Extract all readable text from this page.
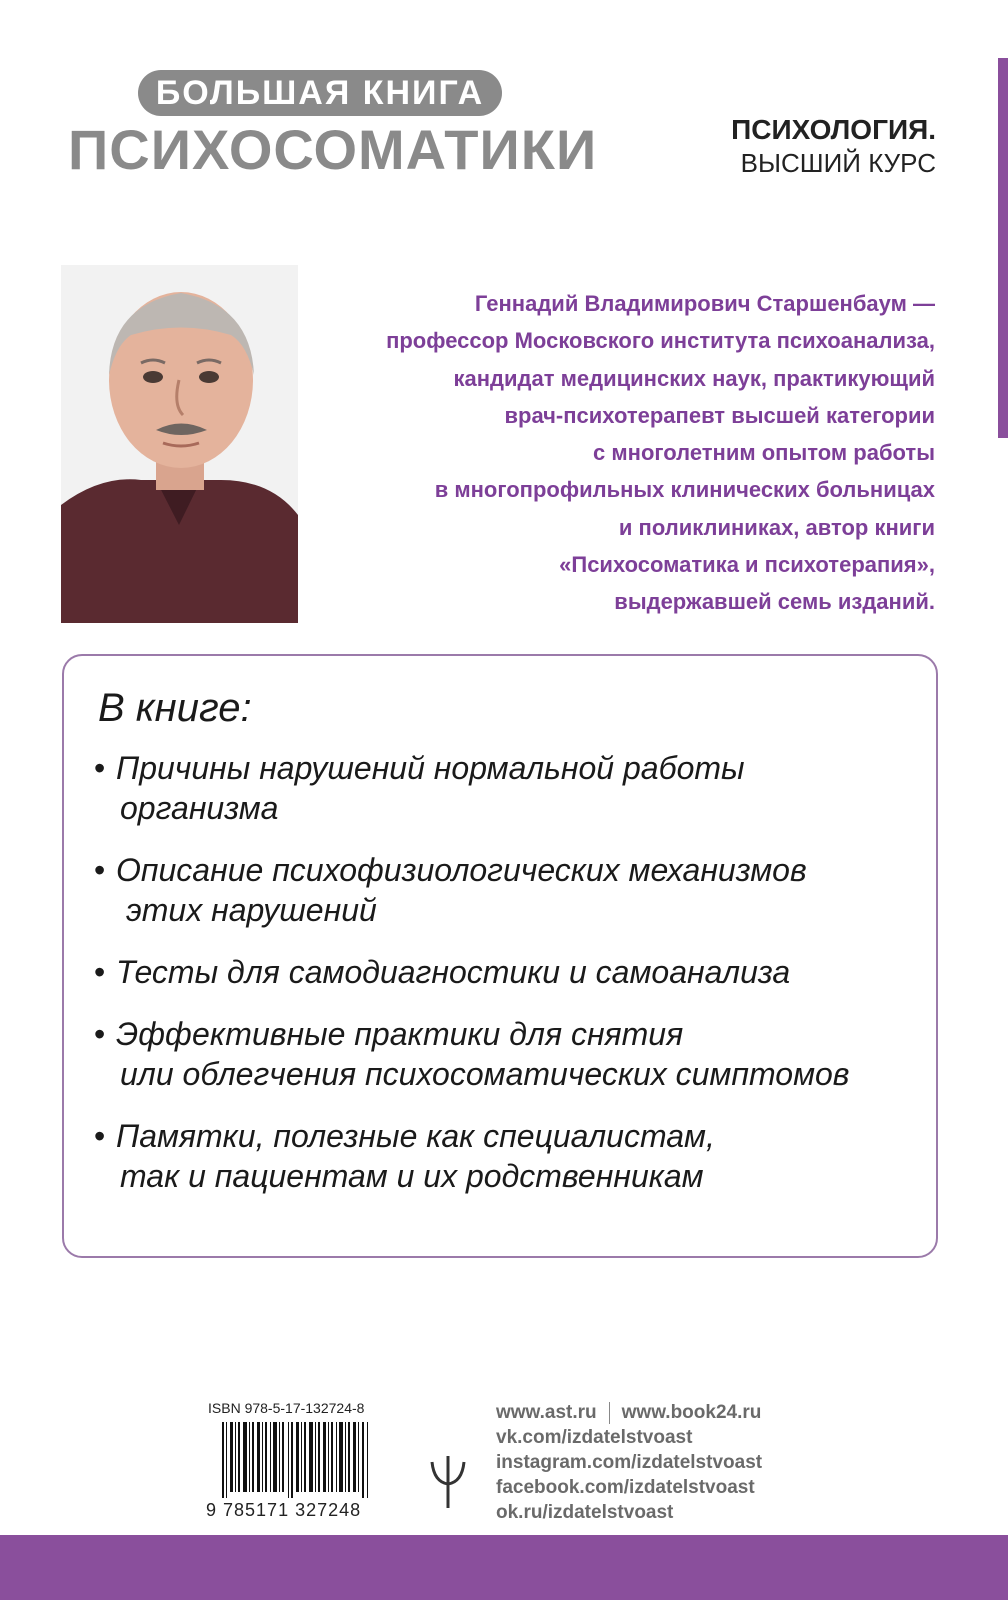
БОЛЬШАЯ КНИГА
ПСИХОСОМАТИКИ	ПСИХОЛОГИЯ.
ВЫСШИЙ КУРС
Геннадий Владимирович Старшенбаум —
профессор Московского института психоанализа,
кандидат медицинских наук, практикующий
врач-психотерапевт высшей категории
с многолетним опытом работы
в многопрофильных клинических больницах
и поликлиниках, автор книги
«Психосоматика и психотерапия»,
выдержавшей семь изданий.
В книге:
• Причины нарушений нормальной работы
организма
• Описание психофизиологических механизмов
этих нарушений
• Тесты для самодиагностики и самоанализа
• Эффективные практики для снятия
или облегчения психосоматических симптомов
• Памятки, полезные как специалистам,
так и пациентам и их родственникам
ISBN 978-5-17-132724-8
9 785171 327248
www.ast.ru www.book24.ru
vk.com/izdatelstvoast
instagram.com/izdatelstvoast
facebook.com/izdatelstvoast
ok.ru/izdatelstvoast
